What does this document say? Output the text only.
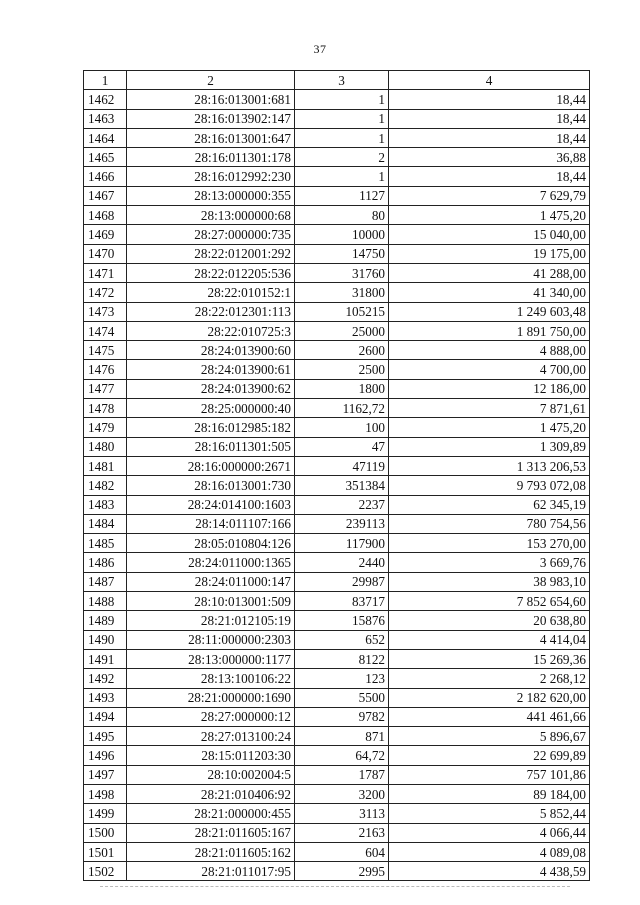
37
1	2	3	4
1462	28:16:013001:681	1	18,44
1463	28:16:013902:147	1	18,44
1464	28:16:013001:647	1	18,44
1465	28:16:011301:178	2	36,88
1466	28:16:012992:230	1	18,44
1467	28:13:000000:355	1127	7 629,79
1468	28:13:000000:68	80	1 475,20
1469	28:27:000000:735	10000	15 040,00
1470	28:22:012001:292	14750	19 175,00
1471	28:22:012205:536	31760	41 288,00
1472	28:22:010152:1	31800	41 340,00
1473	28:22:012301:113	105215	1 249 603,48
1474	28:22:010725:3	25000	1 891 750,00
1475	28:24:013900:60	2600	4 888,00
1476	28:24:013900:61	2500	4 700,00
1477	28:24:013900:62	1800	12 186,00
1478	28:25:000000:40	1162,72	7 871,61
1479	28:16:012985:182	100	1 475,20
1480	28:16:011301:505	47	1 309,89
1481	28:16:000000:2671	47119	1 313 206,53
1482	28:16:013001:730	351384	9 793 072,08
1483	28:24:014100:1603	2237	62 345,19
1484	28:14:011107:166	239113	780 754,56
1485	28:05:010804:126	117900	153 270,00
1486	28:24:011000:1365	2440	3 669,76
1487	28:24:011000:147	29987	38 983,10
1488	28:10:013001:509	83717	7 852 654,60
1489	28:21:012105:19	15876	20 638,80
1490	28:11:000000:2303	652	4 414,04
1491	28:13:000000:1177	8122	15 269,36
1492	28:13:100106:22	123	2 268,12
1493	28:21:000000:1690	5500	2 182 620,00
1494	28:27:000000:12	9782	441 461,66
1495	28:27:013100:24	871	5 896,67
1496	28:15:011203:30	64,72	22 699,89
1497	28:10:002004:5	1787	757 101,86
1498	28:21:010406:92	3200	89 184,00
1499	28:21:000000:455	3113	5 852,44
1500	28:21:011605:167	2163	4 066,44
1501	28:21:011605:162	604	4 089,08
1502	28:21:011017:95	2995	4 438,59
